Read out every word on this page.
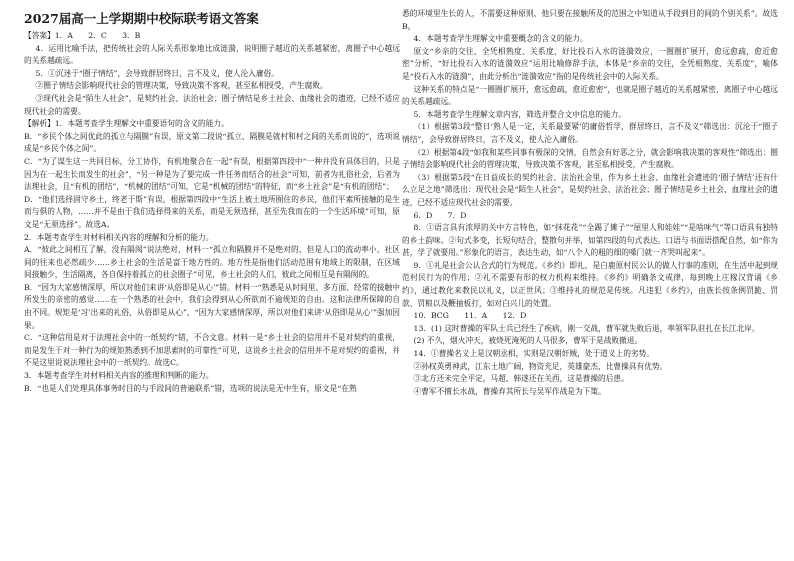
2027届高一上学期期中校际联考语文答案

【答案】1．A　　2．C　　3．B

4．运用比喻手法，把传统社会的人际关系形象地比成涟漪，说明圈子越近的关系越紧密，离圈子中心越远的关系越疏远。

5．①沉迷于“圈子情结”，会导致群居终日，言不及义，使人沦入庸俗。

②圈子情结会影响现代社会的管理决策，导致决策不客观，甚至私相授受，产生腐败。

③现代社会是“陌生人社会”，是契约社会、法治社会；圈子情结是乡土社会、血缘社会的遗迹，已经不适应现代社会的需要。

【解析】1．本题考查学生理解文中重要语句的含义的能力。

B．“乡民个体之间优此的孤立与隔膜”有误，原文第二段说“孤立、隔膜是就村和村之间的关系而说的”，选项说成是“乡民个体之间”。

C．“为了谋生这一共同目标，分工协作，有机地聚合在一起”有误，根据第四段中“一种并没有具体目的，只是因为在一起生长而发生的社会”，“另一种是为了要完成一件任务而结合的社会”可知，前者为礼俗社会，后者为法理社会，且“有机的团结”，“机械的团结”可知，它是“机械的团结”的特征，而“乡土社会”是“有机的团结”；

D．“他们选择固守乡土，终老于斯”有误，根据第四段中“生活上被土地所囿住的乡民，他们平素所接触的是生而与俱的人物，……并不是由于我们选择得来的关系，而是无须选择，甚至先我而在的一个生活环境”可知，原文是“无须选择”。故选A。

2．本题考查学生对材料相关内容的理解和分析的能力。

A．“彼此之间相互了解，没有隔阂”说法绝对，材料一“孤立和隔膜并不是绝对的，但是人口的流动率小，社区间的往来也必然疏少……乡土社会的生活是富于地方性的。地方性是指他们活动范围有地域上的限制，在区域间接触少，生活隔离，各自保持着孤立的社会圈子”可见，乡土社会的人们，彼此之间相互是有隔阂的。

B．“因为大家感情深厚，所以对他们来讲‘从俗即是从心’”错。材料一“熟悉是从时间里、多方面、经常的接触中所发生的亲密的感觉……在一个熟悉的社会中，我们会得到从心所欲而不逾规矩的自由。这和法律所保障的自由不同。规矩是‘习’出来的礼俗，从俗即是从心”，“因为大家感情深厚，所以对他们来讲‘从俗即是从心’”强加因果。

C．“这种信用是对于法理社会中的一纸契约”错，不合文意。材料一是“乡土社会的信用并不是对契约的重视，而是发生于对一种行为的规矩熟悉到不加思索时的可靠性”可见，这说乡土社会的信用并不是对契约的重视，并不是这里说说法理社会中的一纸契约。故选C。

3．本题考查学生对材料相关内容的推理和判断的能力。

B．“也是人们处理具体事务时目的与手段间的普遍联系”错，选项的说法是无中生有，原文是“在熟

悉的环境里生长的人，不需要这种原则，他只要在接触所及的范围之中知道从手段到目的间的个别关系”。故选B。

4．本题考查学生理解文中重要概念的含义的能力。

原文“乡亲的交往，全凭相熟度、关系度，好比投石入水的涟漪效应，一圈圈扩展开，愈远愈疏，愈近愈密”分析，“好比投石入水的涟漪效应”运用比喻修辞手法，本体是“乡亲的交往，全凭相熟度、关系度”，喻体是“投石入水的涟漪”，由此分析出“涟漪效应”指的是传统社会中的人际关系。

这种关系的特点是“一圈圈扩展开，愈远愈疏，愈近愈密”，也就是圈子越近的关系越紧密，离圈子中心越远的关系越疏远。

5．本题考查学生理解文章内容，筛选并整合文中信息的能力。

（1）根据第3段“整日‘熟人是一定，关系最要紧’的庸俗哲学，群居终日，言不及义”筛选出：沉沦于“圈子情结”，会导致群居终日，言不及义，使人沦入庸俗。

（2）根据第4段“如我和某些同事有极深的交情，自然会有好恶之分，就会影响我决策的客观性”筛选出：圈子情结会影响现代社会的管理决策，导致决策不客观，甚至私相授受，产生腐败。

（3）根据第5段“在日益成长的契约社会、法治社会里，作为乡土社会、血缘社会遗迹的‘圈子情结’还有什么立足之地”筛选出：现代社会是“陌生人社会”，是契约社会、法治社会；圈子情结是乡土社会、血缘社会的遗迹，已经不适应现代社会的需要。

6．D　　7．D

8．①语言具有浓厚的关中方言特色，如“抹花花”“全踢了摊子”“屋里人和娃娃”“是啥味气”等口语具有独特的乡土韵味。②句式多变，长短句结合，整散句并举，如第四段的句式表达。口语与书面语搭配自然，如“你为甚，学了就要用。”形象化的语言，表达生动，如“八个人的粗的细的嗓门就一齐哭叫起来”。

9．①礼是社会公认合式的行为规范。《乡约》即礼，是白鹿原村民公认的做人行事的准则，在生活中起到规范村民行为的作用；②礼不需要有形的权力机构来维持。《乡约》明确条文戒律，每到晚上庄稼汉背诵《乡约》，通过教化来教民以礼义，以正世风；③维持礼的规范是传统。凡违犯《乡约》，由族长按条例罚跪、罚款、罚粮以及鞭抽板打，如对白兴儿的处置。

10．BCG　　11．A　　12．D

13．(1) 这时曹操的军队士兵已经生了疾病，刚一交战，曹军就失败后退，率领军队驻扎在长江北岸。

(2) 不久，烟火冲天，被烧死淹死的人马很多，曹军于是战败撤退。

14．①曹操名义上是汉朝丞相，实则是汉朝奸贼，处于道义上的劣势。

②孙权英勇神武，江东土地广阔，物资充足，英雄豪杰，比曹操具有优势。

③北方还未完全平定，马超、韩遂还在关西，这是曹操的后患。

④曹军不擅长水战，曹操弃其所长与吴军作战是为下策。
